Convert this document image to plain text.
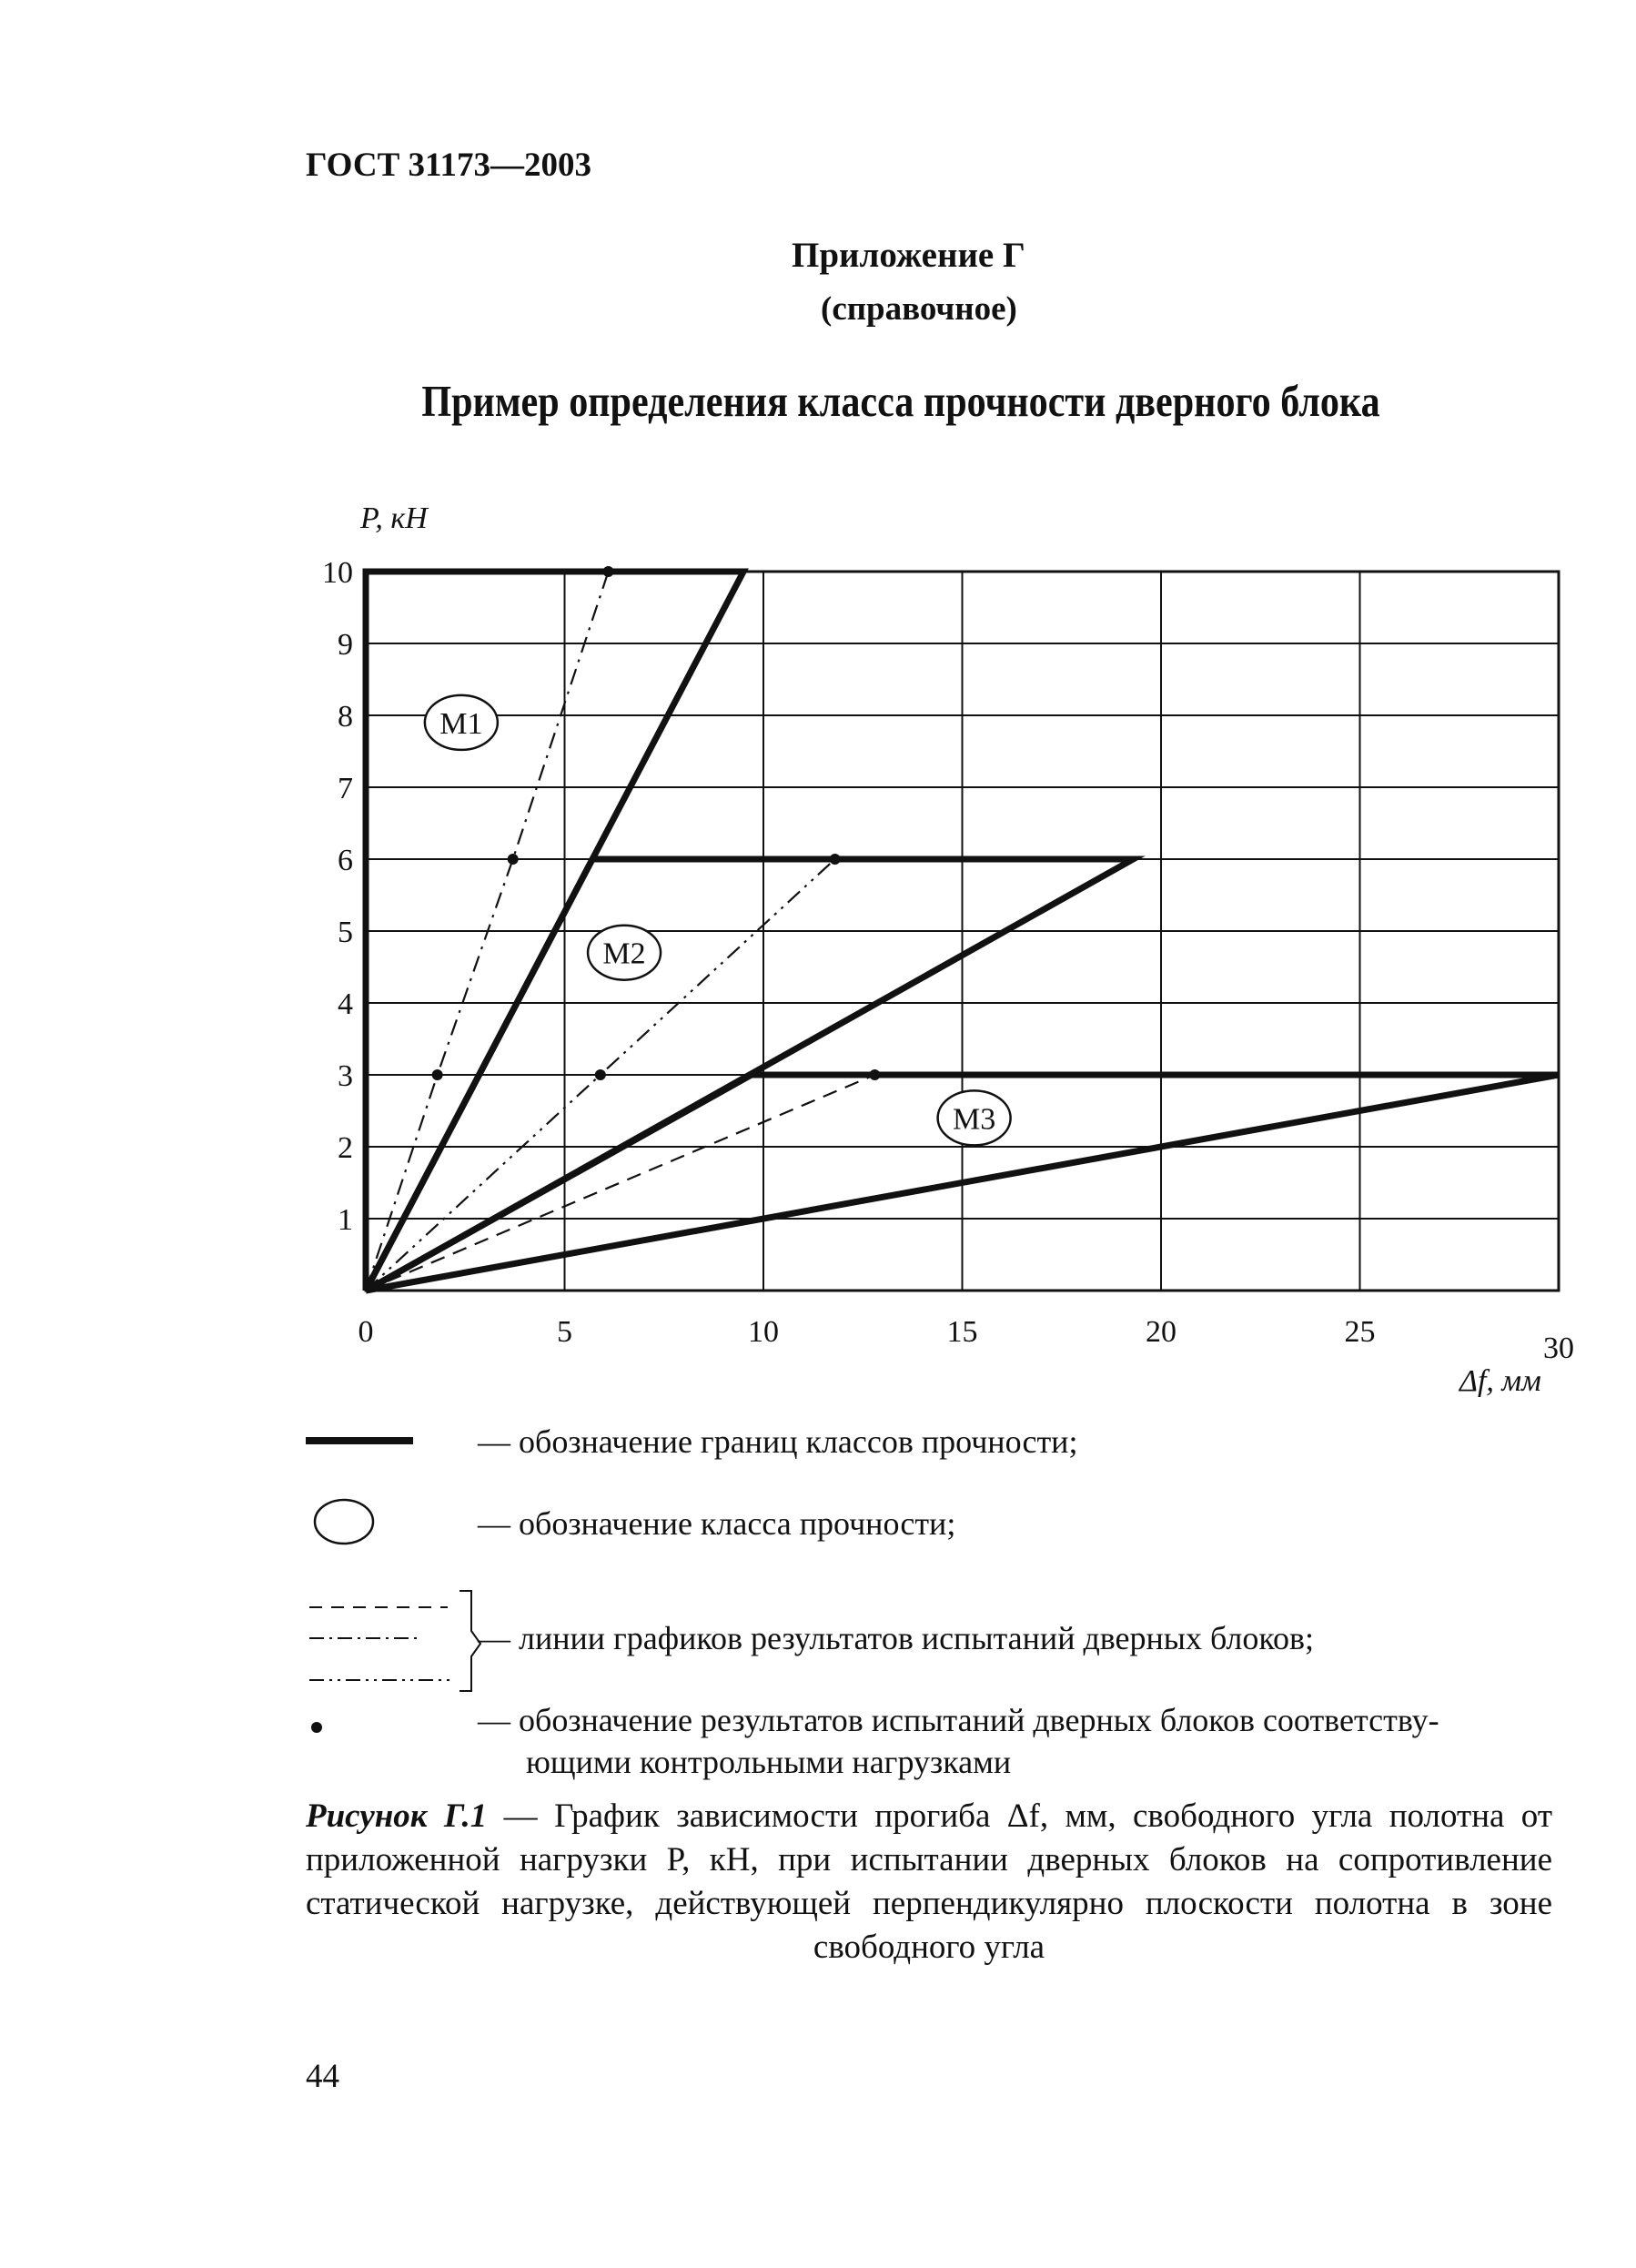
ГОСТ 31173—2003
Приложение Г
(справочное)
Пример определения класса прочности дверного блока
M1
M2
M3
0	5	10	15	20	25	30
1
2
3
4
5
6
7
8
9
10
P, кН
Δf, мм
— обозначение границ классов прочности;
— обозначение класса прочности;
— линии графиков результатов испытаний дверных блоков;
— обозначение результатов испытаний дверных блоков соответству-
ющими контрольными нагрузками
Рисунок Г.1 — График зависимости прогиба Δf, мм, свободного угла полотна от приложенной нагрузки P, кН, при испытании дверных блоков на сопротивление статической нагрузке, действующей перпендикулярно плоскости полотна в зоне свободного угла
44
